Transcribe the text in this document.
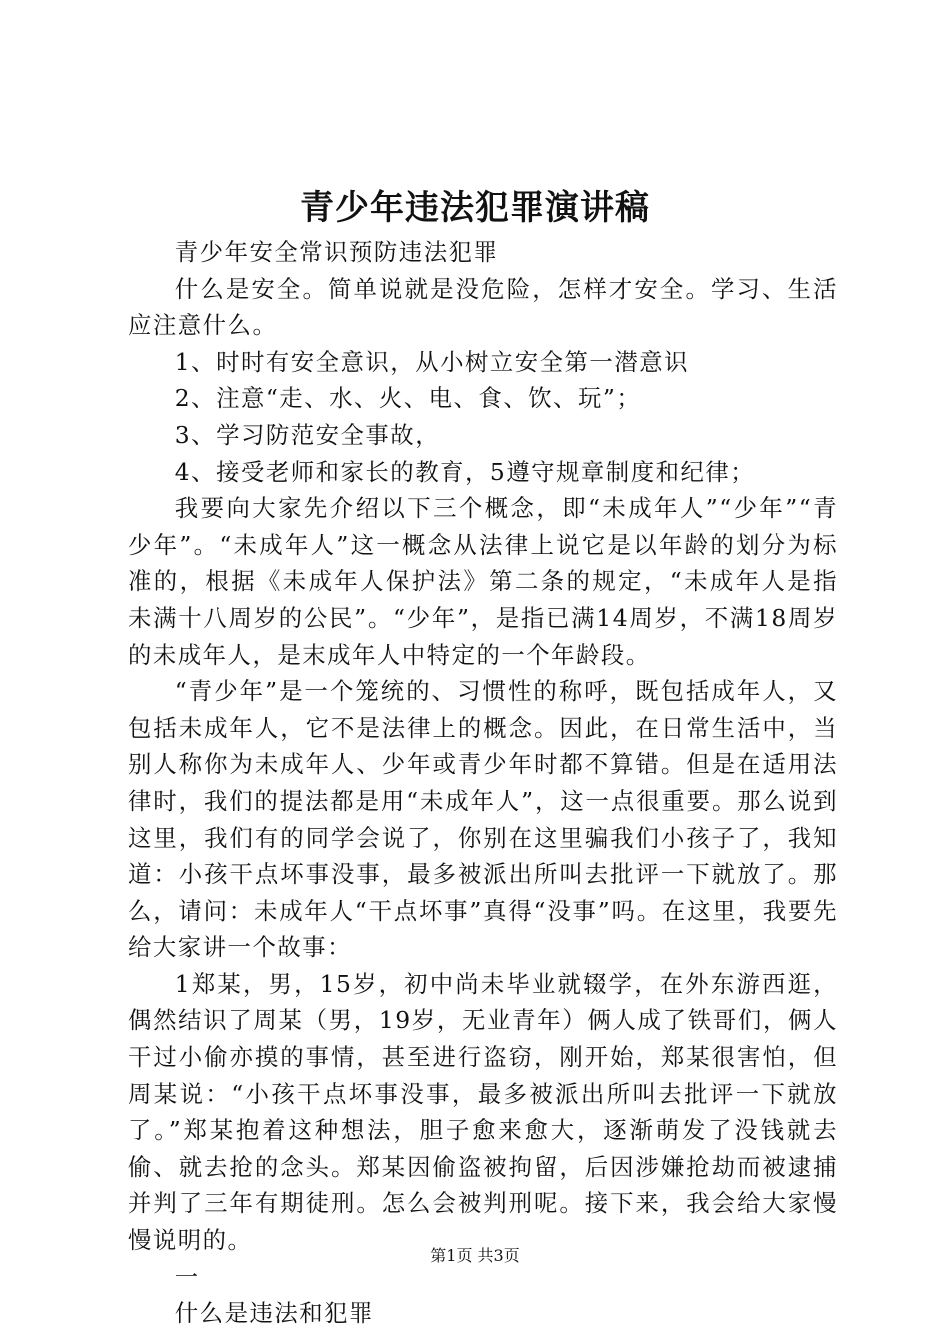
青少年违法犯罪演讲稿

青少年安全常识预防违法犯罪

什么是安全。简单说就是没危险，怎样才安全。学习、生活应注意什么。

1、时时有安全意识，从小树立安全第一潜意识

2、注意“走、水、火、电、食、饮、玩”；

3、学习防范安全事故，

4、接受老师和家长的教育，5遵守规章制度和纪律；

我要向大家先介绍以下三个概念，即“未成年人”“少年”“青少年”。“未成年人”这一概念从法律上说它是以年龄的划分为标准的，根据《未成年人保护法》第二条的规定，“未成年人是指未满十八周岁的公民”。“少年”，是指已满14周岁，不满18周岁的未成年人，是末成年人中特定的一个年龄段。

“青少年”是一个笼统的、习惯性的称呼，既包括成年人，又包括未成年人，它不是法律上的概念。因此，在日常生活中，当别人称你为未成年人、少年或青少年时都不算错。但是在适用法律时，我们的提法都是用“未成年人”，这一点很重要。那么说到这里，我们有的同学会说了，你别在这里骗我们小孩子了，我知道：小孩干点坏事没事，最多被派出所叫去批评一下就放了。那么，请问：未成年人“干点坏事”真得“没事”吗。在这里，我要先给大家讲一个故事：

1郑某，男，15岁，初中尚未毕业就辍学，在外东游西逛，偶然结识了周某（男，19岁，无业青年）俩人成了铁哥们，俩人干过小偷亦摸的事情，甚至进行盗窃，刚开始，郑某很害怕，但周某说：“小孩干点坏事没事，最多被派出所叫去批评一下就放了。”郑某抱着这种想法，胆子愈来愈大，逐渐萌发了没钱就去偷、就去抢的念头。郑某因偷盗被拘留，后因涉嫌抢劫而被逮捕并判了三年有期徒刑。怎么会被判刑呢。接下来，我会给大家慢慢说明的。

一

什么是违法和犯罪

第1页 共3页
